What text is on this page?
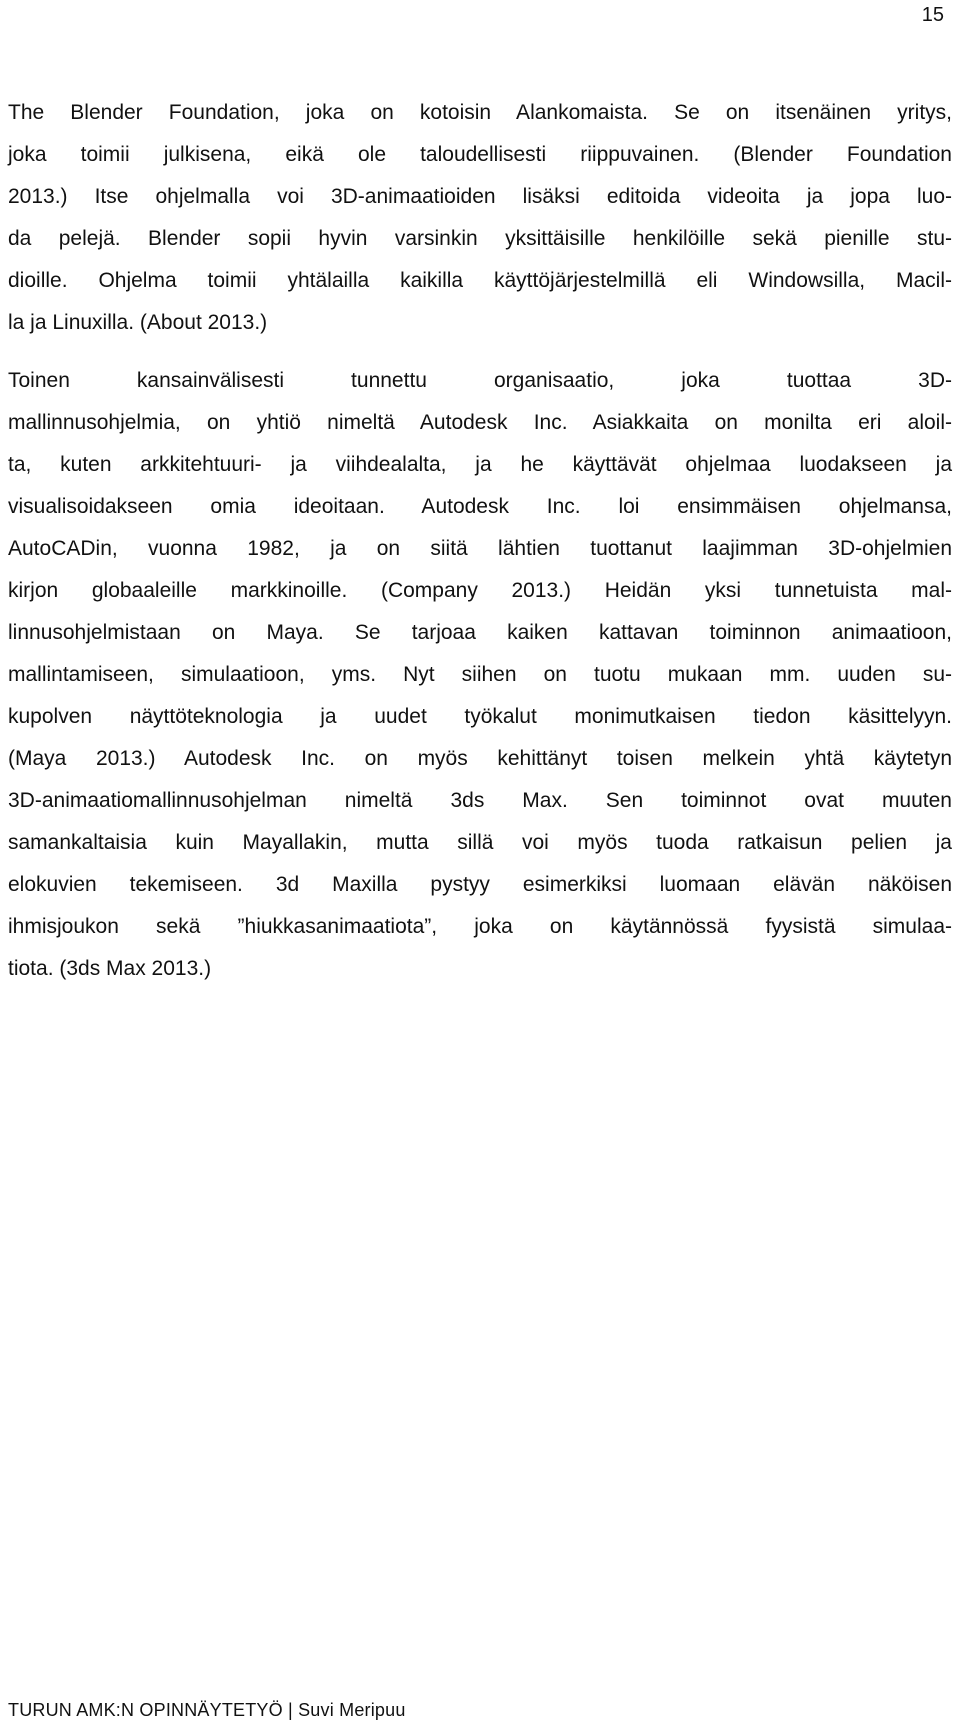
15
The Blender Foundation, joka on kotoisin Alankomaista. Se on itsenäinen yritys,
joka toimii julkisena, eikä ole taloudellisesti riippuvainen. (Blender Foundation
2013.) Itse ohjelmalla voi 3D-animaatioiden lisäksi editoida videoita ja jopa luo-
da pelejä. Blender sopii hyvin varsinkin yksittäisille henkilöille sekä pienille stu-
dioille. Ohjelma toimii yhtälailla kaikilla käyttöjärjestelmillä eli Windowsilla, Macil-
la ja Linuxilla. (About 2013.)
Toinen kansainvälisesti tunnettu organisaatio, joka tuottaa 3D-
mallinnusohjelmia, on yhtiö nimeltä Autodesk Inc. Asiakkaita on monilta eri aloil-
ta, kuten arkkitehtuuri- ja viihdealalta, ja he käyttävät ohjelmaa luodakseen ja
visualisoidakseen omia ideoitaan. Autodesk Inc. loi ensimmäisen ohjelmansa,
AutoCADin, vuonna 1982, ja on siitä lähtien tuottanut laajimman 3D-ohjelmien
kirjon globaaleille markkinoille. (Company 2013.) Heidän yksi tunnetuista mal-
linnusohjelmistaan on Maya. Se tarjoaa kaiken kattavan toiminnon animaatioon,
mallintamiseen, simulaatioon, yms. Nyt siihen on tuotu mukaan mm. uuden su-
kupolven näyttöteknologia ja uudet työkalut monimutkaisen tiedon käsittelyyn.
(Maya 2013.) Autodesk Inc. on myös kehittänyt toisen melkein yhtä käytetyn
3D-animaatiomallinnusohjelman nimeltä 3ds Max. Sen toiminnot ovat muuten
samankaltaisia kuin Mayallakin, mutta sillä voi myös tuoda ratkaisun pelien ja
elokuvien tekemiseen. 3d Maxilla pystyy esimerkiksi luomaan elävän näköisen
ihmisjoukon sekä ”hiukkasanimaatiota”, joka on käytännössä fyysistä simulaa-
tiota. (3ds Max 2013.)
TURUN AMK:N OPINNÄYTETYÖ | Suvi Meripuu
